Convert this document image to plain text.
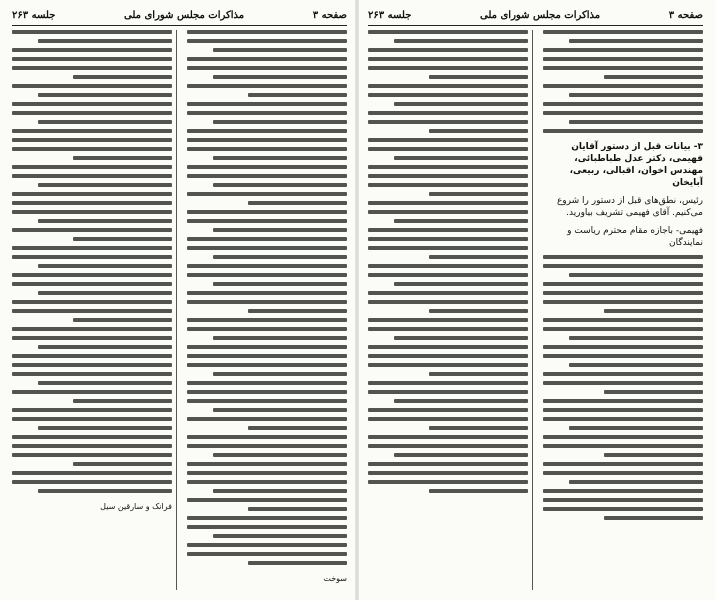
صفحه ۳
مذاکرات مجلس شورای ملی
جلسه ۲۶۳
سوخت
فرانک و سارقین سیل
صفحه ۳
مذاکرات مجلس شورای ملی
جلسه ۲۶۳
۳- بیانات قبل از دستور آقایان فهیمی، دکتر عدل طباطبائی، مهندس اخوان، اقبالی، ربیعی، آبایخان
رئیس، نطق‌های قبل از دستور را شروع می‌کنیم. آقای فهیمی تشریف بیاورید.
فهیمی- باجازه مقام محترم ریاست و نمایندگان
